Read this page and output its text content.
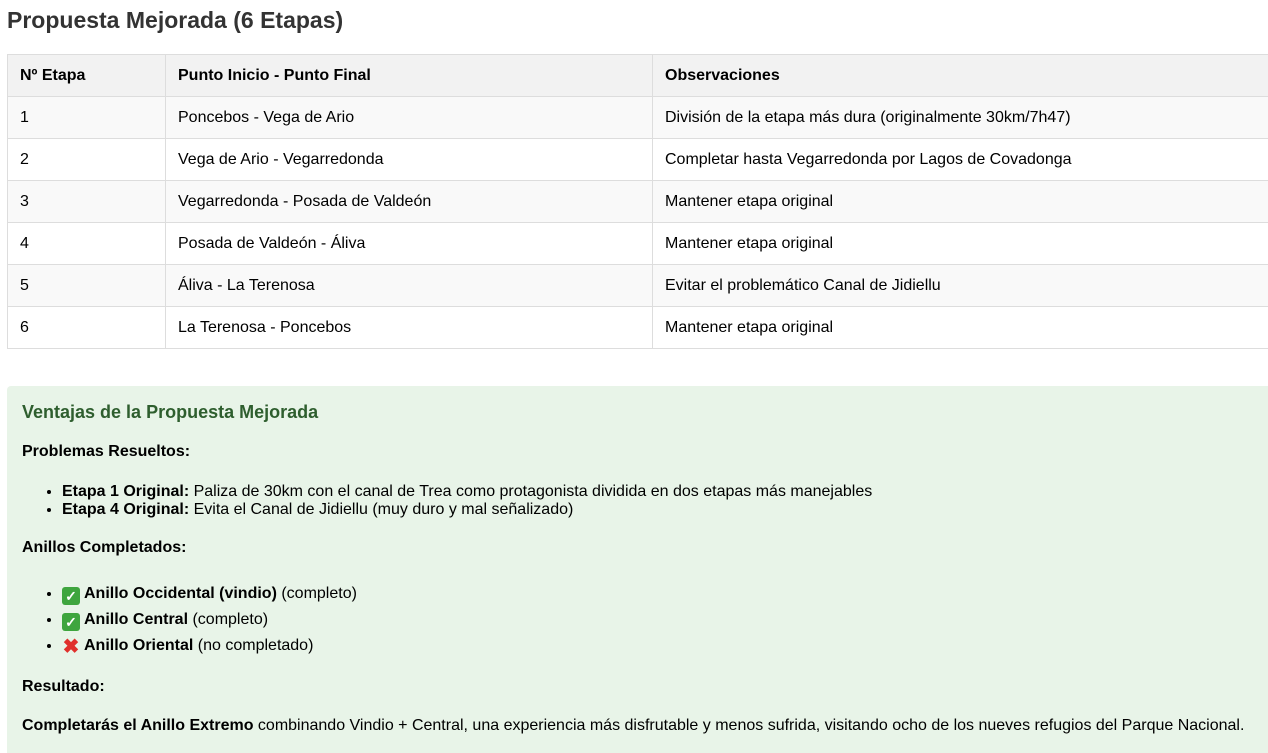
Propuesta Mejorada (6 Etapas)
Nº Etapa	Punto Inicio - Punto Final	Observaciones
1	Poncebos - Vega de Ario	División de la etapa más dura (originalmente 30km/7h47)
2	Vega de Ario - Vegarredonda	Completar hasta Vegarredonda por Lagos de Covadonga
3	Vegarredonda - Posada de Valdeón	Mantener etapa original
4	Posada de Valdeón - Áliva	Mantener etapa original
5	Áliva - La Terenosa	Evitar el problemático Canal de Jidiellu
6	La Terenosa - Poncebos	Mantener etapa original
Ventajas de la Propuesta Mejorada

Problemas Resueltos:

• Etapa 1 Original: Paliza de 30km con el canal de Trea como protagonista dividida en dos etapas más manejables
• Etapa 4 Original: Evita el Canal de Jidiellu (muy duro y mal señalizado)

Anillos Completados:

• ✓ Anillo Occidental (vindio) (completo)
• ✓ Anillo Central (completo)
• ✖ Anillo Oriental (no completado)

Resultado:

Completarás el Anillo Extremo combinando Vindio + Central, una experiencia más disfrutable y menos sufrida, visitando ocho de los nueves refugios del Parque Nacional.
